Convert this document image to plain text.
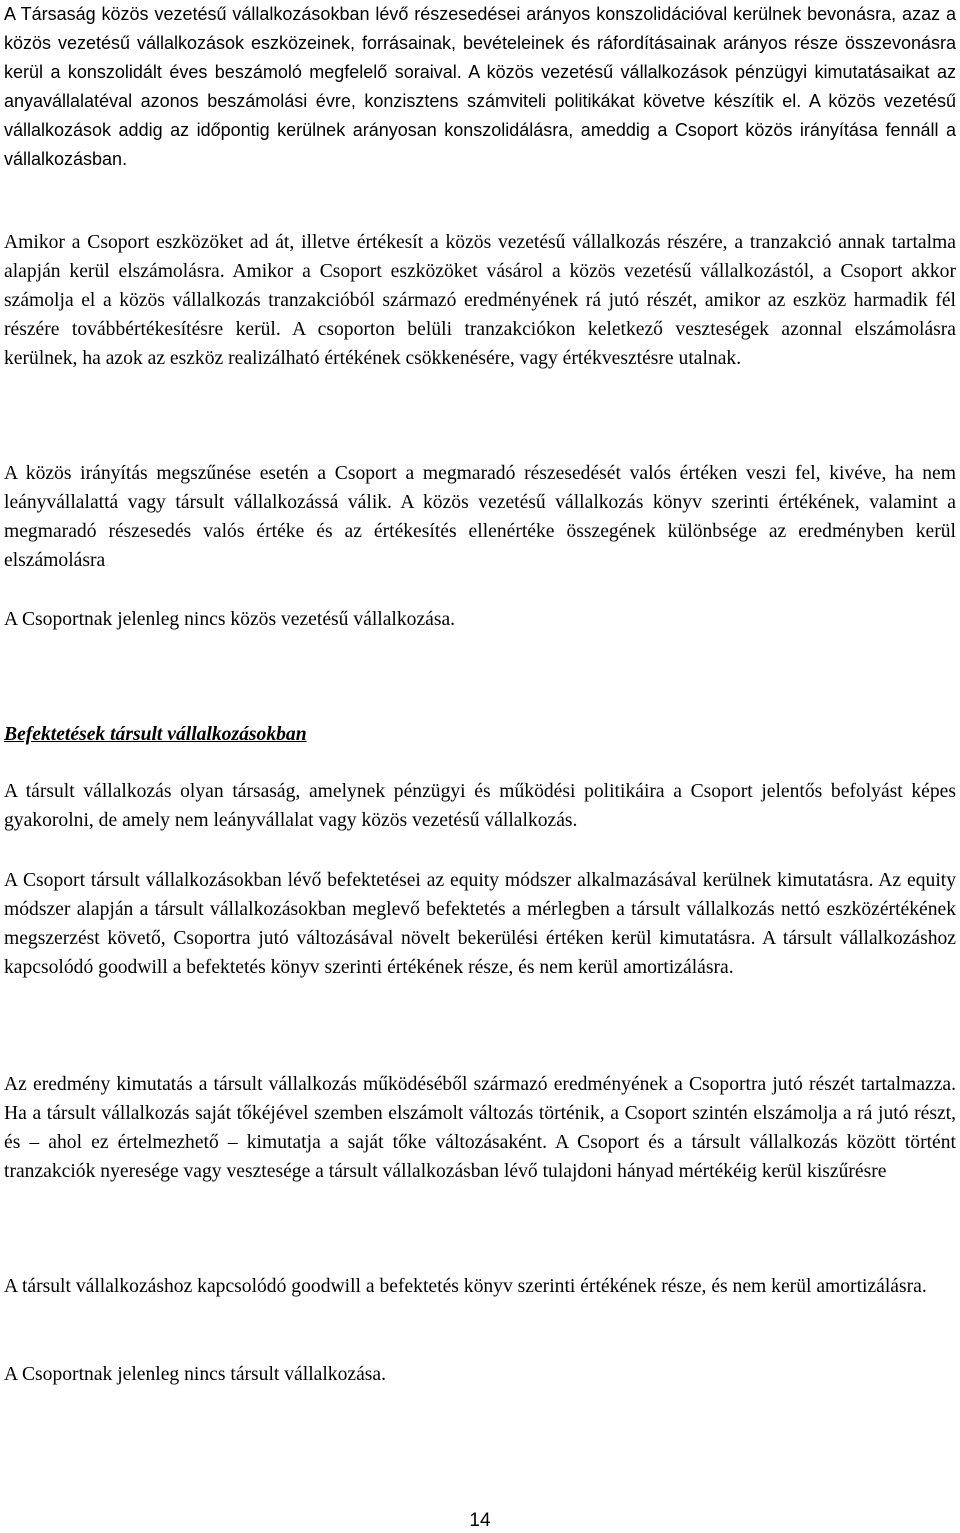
A Társaság közös vezetésű vállalkozásokban lévő részesedései arányos konszolidációval kerülnek bevonásra, azaz a közös vezetésű vállalkozások eszközeinek, forrásainak, bevételeinek és ráfordításainak arányos része összevonásra kerül a konszolidált éves beszámoló megfelelő soraival. A közös vezetésű vállalkozások pénzügyi kimutatásaikat az anyavállalatéval azonos beszámolási évre, konzisztens számviteli politikákat követve készítik el. A közös vezetésű vállalkozások addig az időpontig kerülnek arányosan konszolidálásra, ameddig a Csoport közös irányítása fennáll a vállalkozásban.

Amikor a Csoport eszközöket ad át, illetve értékesít a közös vezetésű vállalkozás részére, a tranzakció annak tartalma alapján kerül elszámolásra. Amikor a Csoport eszközöket vásárol a közös vezetésű vállalkozástól, a Csoport akkor számolja el a közös vállalkozás tranzakcióból származó eredményének rá jutó részét, amikor az eszköz harmadik fél részére továbbértékesítésre kerül. A csoporton belüli tranzakciókon keletkező veszteségek azonnal elszámolásra kerülnek, ha azok az eszköz realizálható értékének csökkenésére, vagy értékvesztésre utalnak.

A közös irányítás megszűnése esetén a Csoport a megmaradó részesedését valós értéken veszi fel, kivéve, ha nem leányvállalattá vagy társult vállalkozássá válik. A közös vezetésű vállalkozás könyv szerinti értékének, valamint a megmaradó részesedés valós értéke és az értékesítés ellenértéke összegének különbsége az eredményben kerül elszámolásra

A Csoportnak jelenleg nincs közös vezetésű vállalkozása.

Befektetések társult vállalkozásokban

A társult vállalkozás olyan társaság, amelynek pénzügyi és működési politikáira a Csoport jelentős befolyást képes gyakorolni, de amely nem leányvállalat vagy közös vezetésű vállalkozás.

A Csoport társult vállalkozásokban lévő befektetései az equity módszer alkalmazásával kerülnek kimutatásra. Az equity módszer alapján a társult vállalkozásokban meglevő befektetés a mérlegben a társult vállalkozás nettó eszközértékének megszerzést követő, Csoportra jutó változásával növelt bekerülési értéken kerül kimutatásra. A társult vállalkozáshoz kapcsolódó goodwill a befektetés könyv szerinti értékének része, és nem kerül amortizálásra.

Az eredmény kimutatás a társult vállalkozás működéséből származó eredményének a Csoportra jutó részét tartalmazza. Ha a társult vállalkozás saját tőkéjével szemben elszámolt változás történik, a Csoport szintén elszámolja a rá jutó részt, és – ahol ez értelmezhető – kimutatja a saját tőke változásaként. A Csoport és a társult vállalkozás között történt tranzakciók nyeresége vagy vesztesége a társult vállalkozásban lévő tulajdoni hányad mértékéig kerül kiszűrésre

A társult vállalkozáshoz kapcsolódó goodwill a befektetés könyv szerinti értékének része, és nem kerül amortizálásra.

A Csoportnak jelenleg nincs társult vállalkozása.

14
